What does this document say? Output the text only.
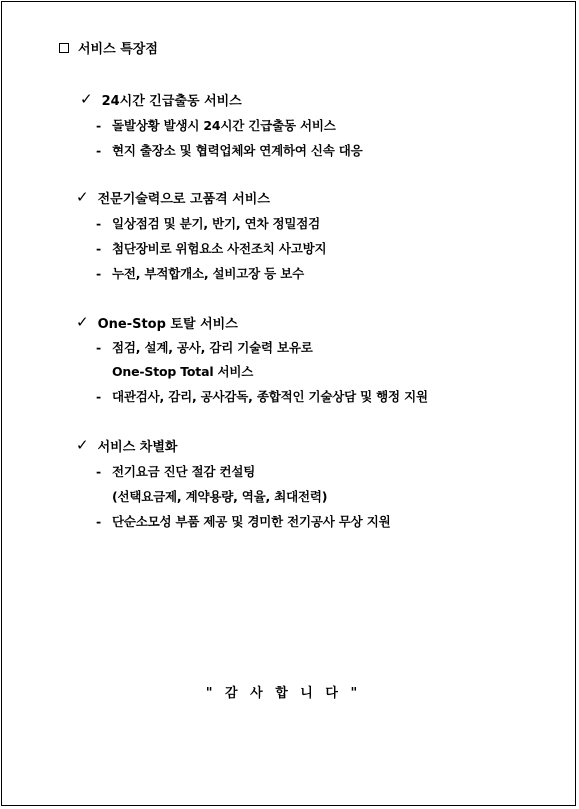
서비스 특장점
✓ 24시간 긴급출동 서비스
- 돌발상황 발생시 24시간 긴급출동 서비스
- 현지 출장소 및 협력업체와 연계하여 신속 대응
✓ 전문기술력으로 고품격 서비스
- 일상점검 및 분기, 반기, 연차 정밀점검
- 첨단장비로 위험요소 사전조치 사고방지
- 누전, 부적합개소, 설비고장 등 보수
✓ One-Stop 토탈 서비스
- 점검, 설계, 공사, 감리 기술력 보유로
One-Stop Total 서비스
- 대관검사, 감리, 공사감독, 종합적인 기술상담 및 행정 지원
✓ 서비스 차별화
- 전기요금 진단 절감 컨설팅
(선택요금제, 계약용량, 역율, 최대전력)
- 단순소모성 부품 제공 및 경미한 전기공사 무상 지원
" 감 사 합 니 다 "
